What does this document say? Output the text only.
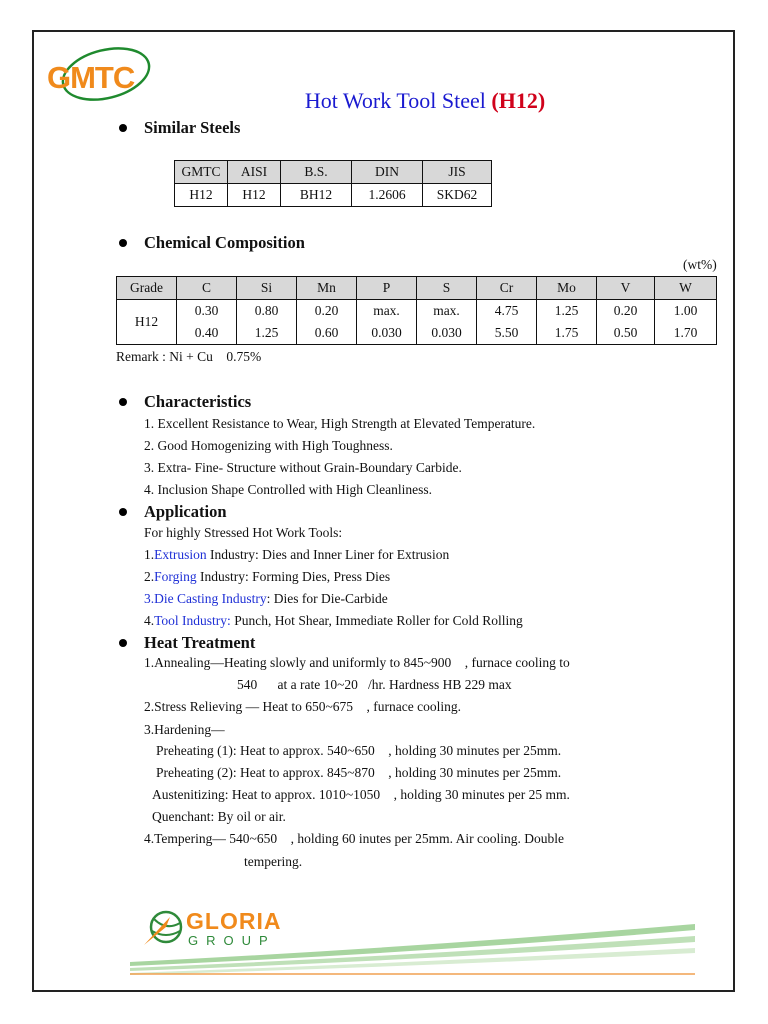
GMTC
Hot Work Tool Steel (H12)
Similar Steels
GMTC	AISI	B.S.	DIN	JIS
H12	H12	BH12	1.2606	SKD62
Chemical Composition
(wt%)
Grade	C	Si	Mn	P	S	Cr	Mo	V	W
H12	0.30	0.80	0.20	max.	max.	4.75	1.25	0.20	1.00
	0.40	1.25	0.60	0.030	0.030	5.50	1.75	0.50	1.70
Remark : Ni + Cu    0.75%
Characteristics
1. Excellent Resistance to Wear, High Strength at Elevated Temperature.
2. Good Homogenizing with High Toughness.
3. Extra- Fine- Structure without Grain-Boundary Carbide.
4. Inclusion Shape Controlled with High Cleanliness.
Application
For highly Stressed Hot Work Tools:
1.Extrusion Industry: Dies and Inner Liner for Extrusion
2.Forging Industry: Forming Dies, Press Dies
3.Die Casting Industry: Dies for Die-Carbide
4.Tool Industry: Punch, Hot Shear, Immediate Roller for Cold Rolling
Heat Treatment
1.Annealing—Heating slowly and uniformly to 845~900    , furnace cooling to
540      at a rate 10~20   /hr. Hardness HB 229 max
2.Stress Relieving — Heat to 650~675    , furnace cooling.
3.Hardening—
Preheating (1): Heat to approx. 540~650    , holding 30 minutes per 25mm.
Preheating (2): Heat to approx. 845~870    , holding 30 minutes per 25mm.
Austenitizing: Heat to approx. 1010~1050    , holding 30 minutes per 25 mm.
Quenchant: By oil or air.
4.Tempering— 540~650    , holding 60 inutes per 25mm. Air cooling. Double
tempering.
GLORIA
GROUP
